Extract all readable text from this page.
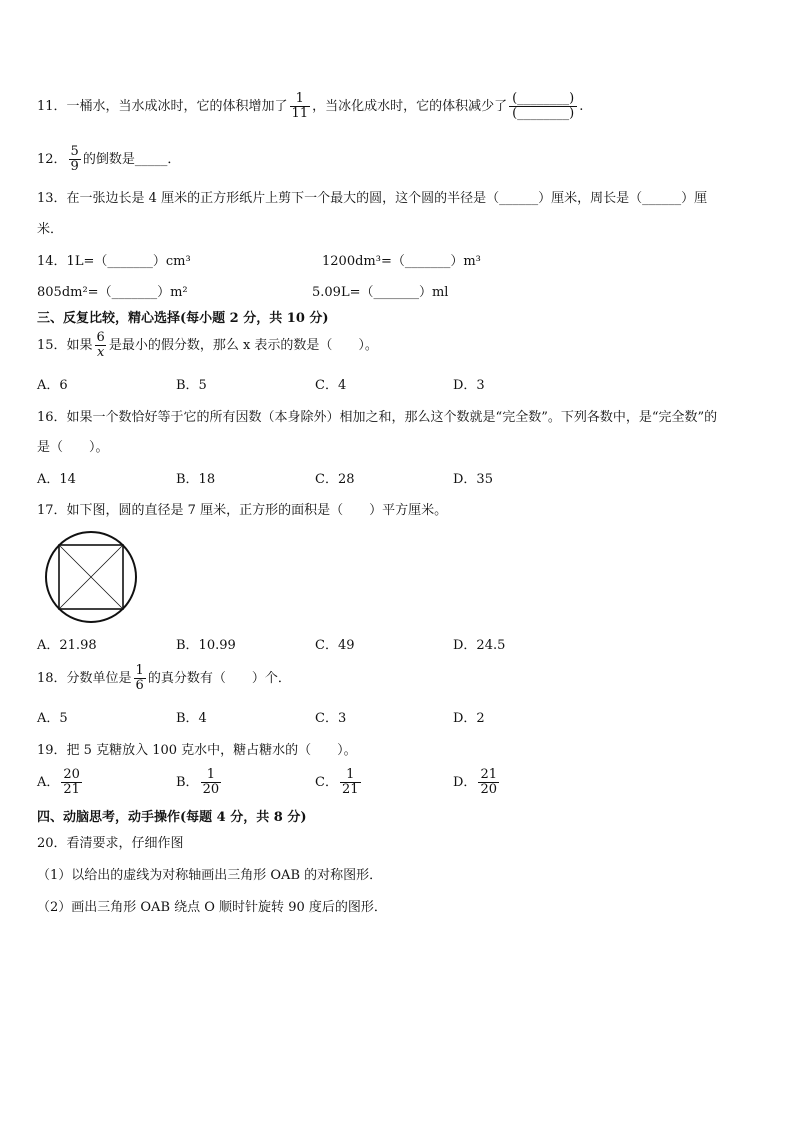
11．一桶水，当水成冰时，它的体积增加了 $\frac{1}{11}$ ，当冰化成水时，它的体积减少了 $\frac{(\_\_\_\_\_\_\_\_)}{(\_\_\_\_\_\_\_\_)}$ .
12． $\frac{5}{9}$ 的倒数是_____．
13．在一张边长是 4 厘米的正方形纸片上剪下一个最大的圆，这个圆的半径是（______）厘米，周长是（______）厘
米．
14．1L=（_______）cm³	1200dm³=（_______）m³
805dm²=（_______）m²	5.09L=（_______）ml
三、反复比较，精心选择(每小题 2 分，共 10 分)
15．如果 $\frac{6}{x}$ 是最小的假分数，那么 x 表示的数是（　　）。
A．6	B．5	C．4	D．3
16．如果一个数恰好等于它的所有因数（本身除外）相加之和，那么这个数就是“完全数”。下列各数中，是“完全数”的
是（　　）。
A．14	B．18	C．28	D．35
17．如下图，圆的直径是 7 厘米，正方形的面积是（　　）平方厘米。
A．21.98	B．10.99	C．49	D．24.5
18．分数单位是 $\frac{1}{6}$ 的真分数有（　　）个．
A．5	B．4	C．3	D．2
19．把 5 克糖放入 100 克水中，糖占糖水的（　　）。
A． $\frac{20}{21}$	B． $\frac{1}{20}$	C． $\frac{1}{21}$	D． $\frac{21}{20}$
四、动脑思考，动手操作(每题 4 分，共 8 分)
20．看清要求，仔细作图
（1）以给出的虚线为对称轴画出三角形 OAB 的对称图形．
（2）画出三角形 OAB 绕点 O 顺时针旋转 90 度后的图形．
